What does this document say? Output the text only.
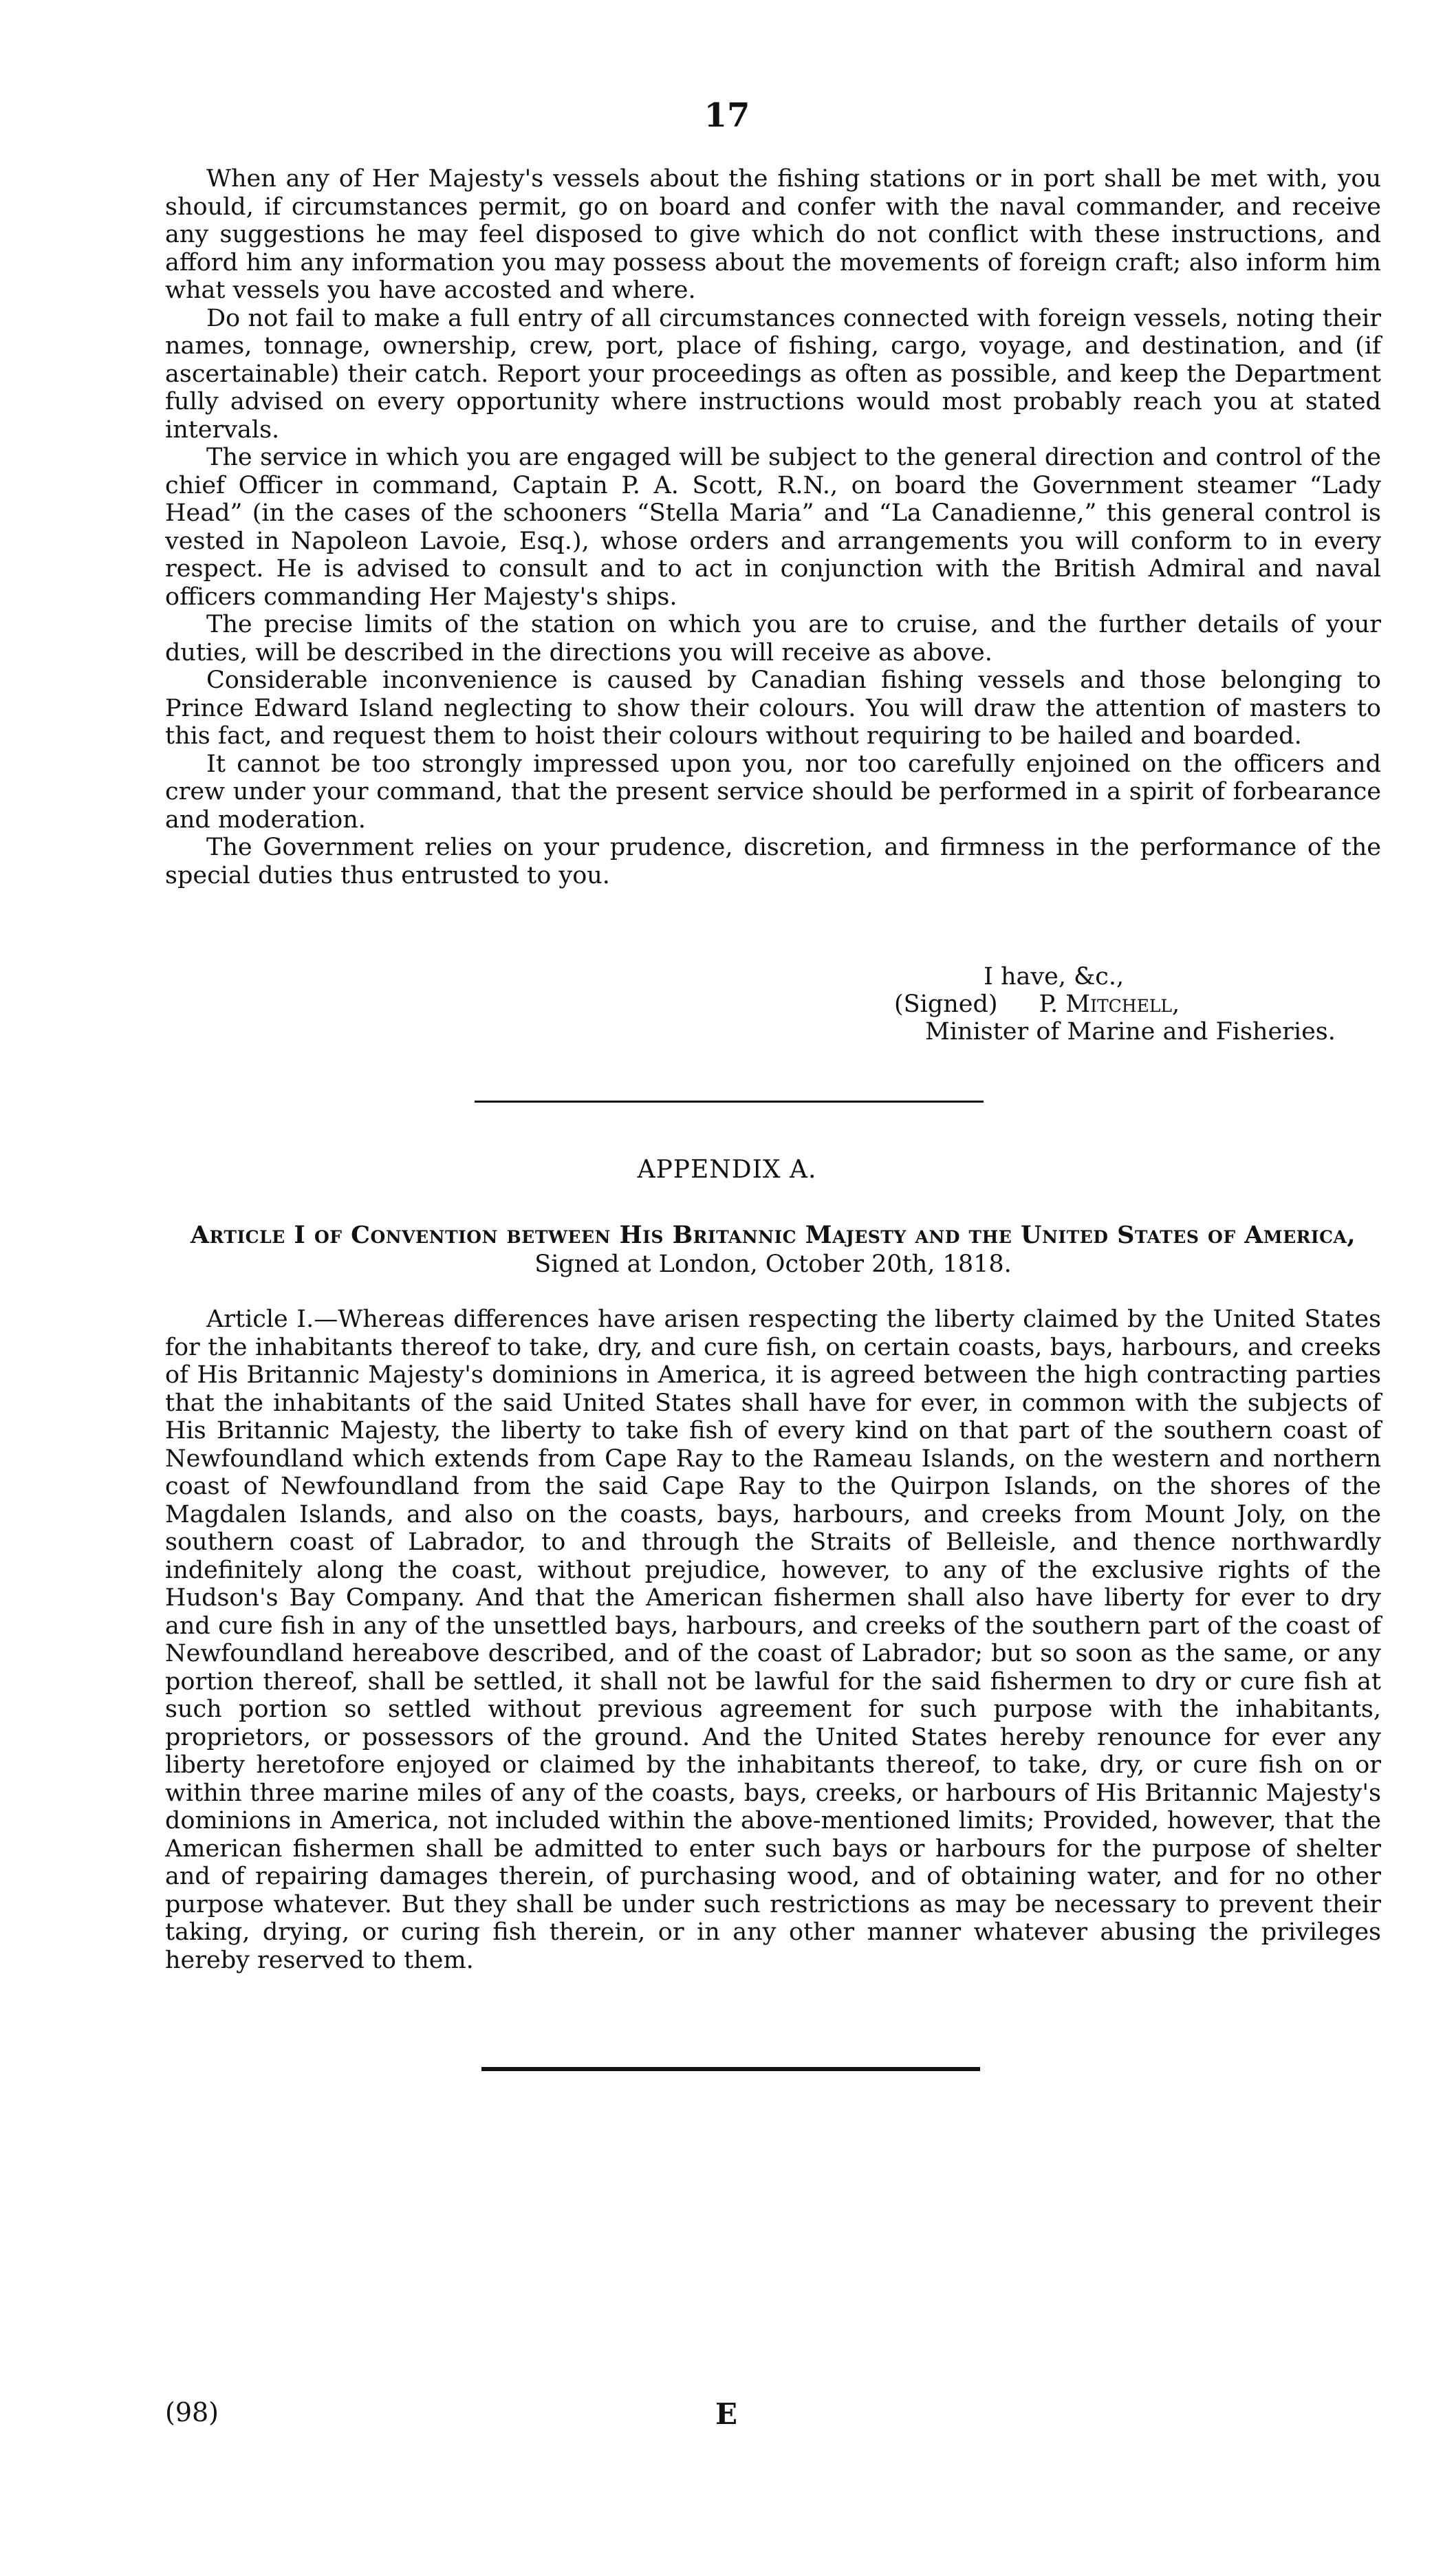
17

When any of Her Majesty's vessels about the fishing stations or in port shall be met with, you should, if circumstances permit, go on board and confer with the naval commander, and receive any suggestions he may feel disposed to give which do not conflict with these instructions, and afford him any information you may possess about the movements of foreign craft; also inform him what vessels you have accosted and where.

Do not fail to make a full entry of all circumstances connected with foreign vessels, noting their names, tonnage, ownership, crew, port, place of fishing, cargo, voyage, and destination, and (if ascertainable) their catch. Report your proceedings as often as possible, and keep the Department fully advised on every opportunity where instructions would most probably reach you at stated intervals.

The service in which you are engaged will be subject to the general direction and control of the chief Officer in command, Captain P. A. Scott, R.N., on board the Government steamer “Lady Head” (in the cases of the schooners “Stella Maria” and “La Canadienne,” this general control is vested in Napoleon Lavoie, Esq.), whose orders and arrangements you will conform to in every respect. He is advised to consult and to act in conjunction with the British Admiral and naval officers commanding Her Majesty's ships.

The precise limits of the station on which you are to cruise, and the further details of your duties, will be described in the directions you will receive as above.

Considerable inconvenience is caused by Canadian fishing vessels and those belonging to Prince Edward Island neglecting to show their colours. You will draw the attention of masters to this fact, and request them to hoist their colours without requiring to be hailed and boarded.

It cannot be too strongly impressed upon you, nor too carefully enjoined on the officers and crew under your command, that the present service should be performed in a spirit of forbearance and moderation.

The Government relies on your prudence, discretion, and firmness in the performance of the special duties thus entrusted to you.

I have, &c.,
(Signed) P. Mitchell,
Minister of Marine and Fisheries.
APPENDIX A.
Article I of Convention between His Britannic Majesty and the United States of America,
Signed at London, October 20th, 1818.

Article I.—Whereas differences have arisen respecting the liberty claimed by the United States for the inhabitants thereof to take, dry, and cure fish, on certain coasts, bays, harbours, and creeks of His Britannic Majesty's dominions in America, it is agreed between the high contracting parties that the inhabitants of the said United States shall have for ever, in common with the subjects of His Britannic Majesty, the liberty to take fish of every kind on that part of the southern coast of Newfoundland which extends from Cape Ray to the Rameau Islands, on the western and northern coast of Newfoundland from the said Cape Ray to the Quirpon Islands, on the shores of the Magdalen Islands, and also on the coasts, bays, harbours, and creeks from Mount Joly, on the southern coast of Labrador, to and through the Straits of Belleisle, and thence northwardly indefinitely along the coast, without prejudice, however, to any of the exclusive rights of the Hudson's Bay Company. And that the American fishermen shall also have liberty for ever to dry and cure fish in any of the unsettled bays, harbours, and creeks of the southern part of the coast of Newfoundland hereabove described, and of the coast of Labrador; but so soon as the same, or any portion thereof, shall be settled, it shall not be lawful for the said fishermen to dry or cure fish at such portion so settled without previous agreement for such purpose with the inhabitants, proprietors, or possessors of the ground. And the United States hereby renounce for ever any liberty heretofore enjoyed or claimed by the inhabitants thereof, to take, dry, or cure fish on or within three marine miles of any of the coasts, bays, creeks, or harbours of His Britannic Majesty's dominions in America, not included within the above-mentioned limits; Provided, however, that the American fishermen shall be admitted to enter such bays or harbours for the purpose of shelter and of repairing damages therein, of purchasing wood, and of obtaining water, and for no other purpose whatever. But they shall be under such restrictions as may be necessary to prevent their taking, drying, or curing fish therein, or in any other manner whatever abusing the privileges hereby reserved to them.

(98)	E
